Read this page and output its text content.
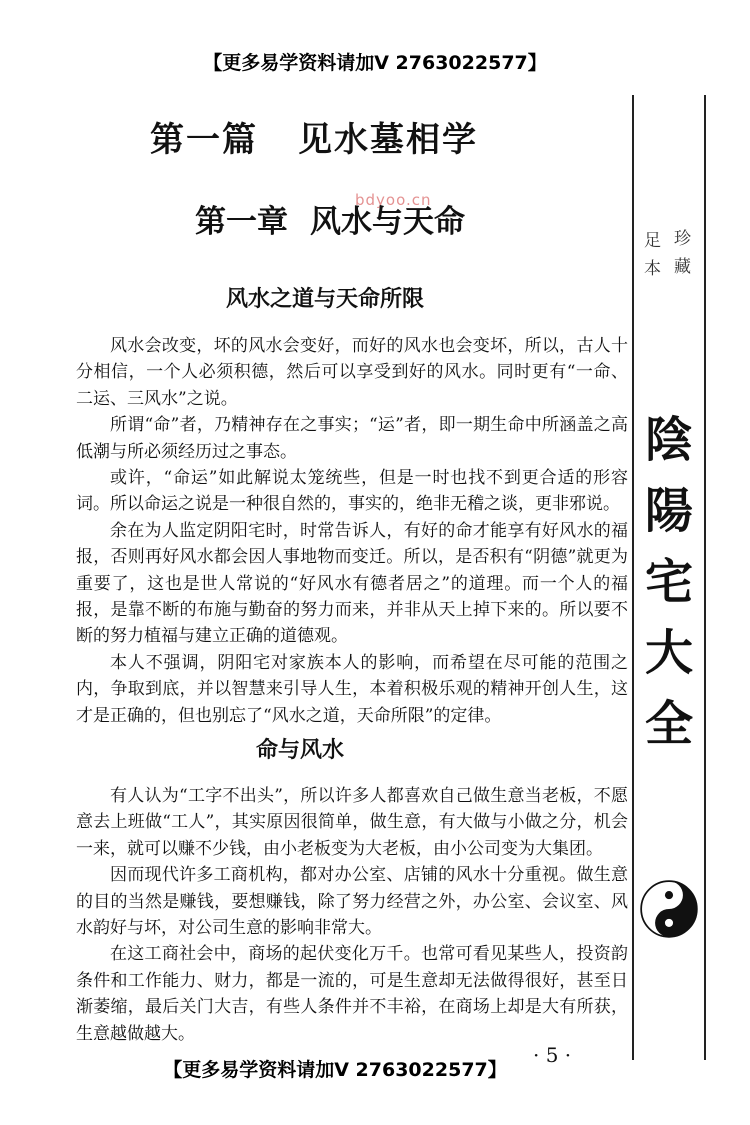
【更多易学资料请加V 2763022577】
bdyoo.cn
第一篇 见水墓相学
第一章 风水与天命
风水之道与天命所限

风水会改变，坏的风水会变好，而好的风水也会变坏，所以，古人十分相信，一个人必须积德，然后可以享受到好的风水。同时更有“一命、二运、三风水”之说。

所谓“命”者，乃精神存在之事实；“运”者，即一期生命中所涵盖之高低潮与所必须经历过之事态。

或许，“命运”如此解说太笼统些，但是一时也找不到更合适的形容词。所以命运之说是一种很自然的，事实的，绝非无稽之谈，更非邪说。

余在为人监定阴阳宅时，时常告诉人，有好的命才能享有好风水的福报，否则再好风水都会因人事地物而变迁。所以，是否积有“阴德”就更为重要了，这也是世人常说的“好风水有德者居之”的道理。而一个人的福报，是靠不断的布施与勤奋的努力而来，并非从天上掉下来的。所以要不断的努力植福与建立正确的道德观。

本人不强调，阴阳宅对家族本人的影响，而希望在尽可能的范围之内，争取到底，并以智慧来引导人生，本着积极乐观的精神开创人生，这才是正确的，但也别忘了“风水之道，天命所限”的定律。

命与风水

有人认为“工字不出头”，所以许多人都喜欢自己做生意当老板，不愿意去上班做“工人”，其实原因很简单，做生意，有大做与小做之分，机会一来，就可以赚不少钱，由小老板变为大老板，由小公司变为大集团。

因而现代许多工商机构，都对办公室、店铺的风水十分重视。做生意的目的当然是赚钱，要想赚钱，除了努力经营之外，办公室、会议室、风水韵好与坏，对公司生意的影响非常大。

在这工商社会中，商场的起伏变化万千。也常可看见某些人，投资韵条件和工作能力、财力，都是一流的，可是生意却无法做得很好，甚至日渐萎缩，最后关门大吉，有些人条件并不丰裕，在商场上却是大有所获，生意越做越大。

珍
藏
足
本
陰
陽
宅
大
全
· 5 ·
【更多易学资料请加V 2763022577】
